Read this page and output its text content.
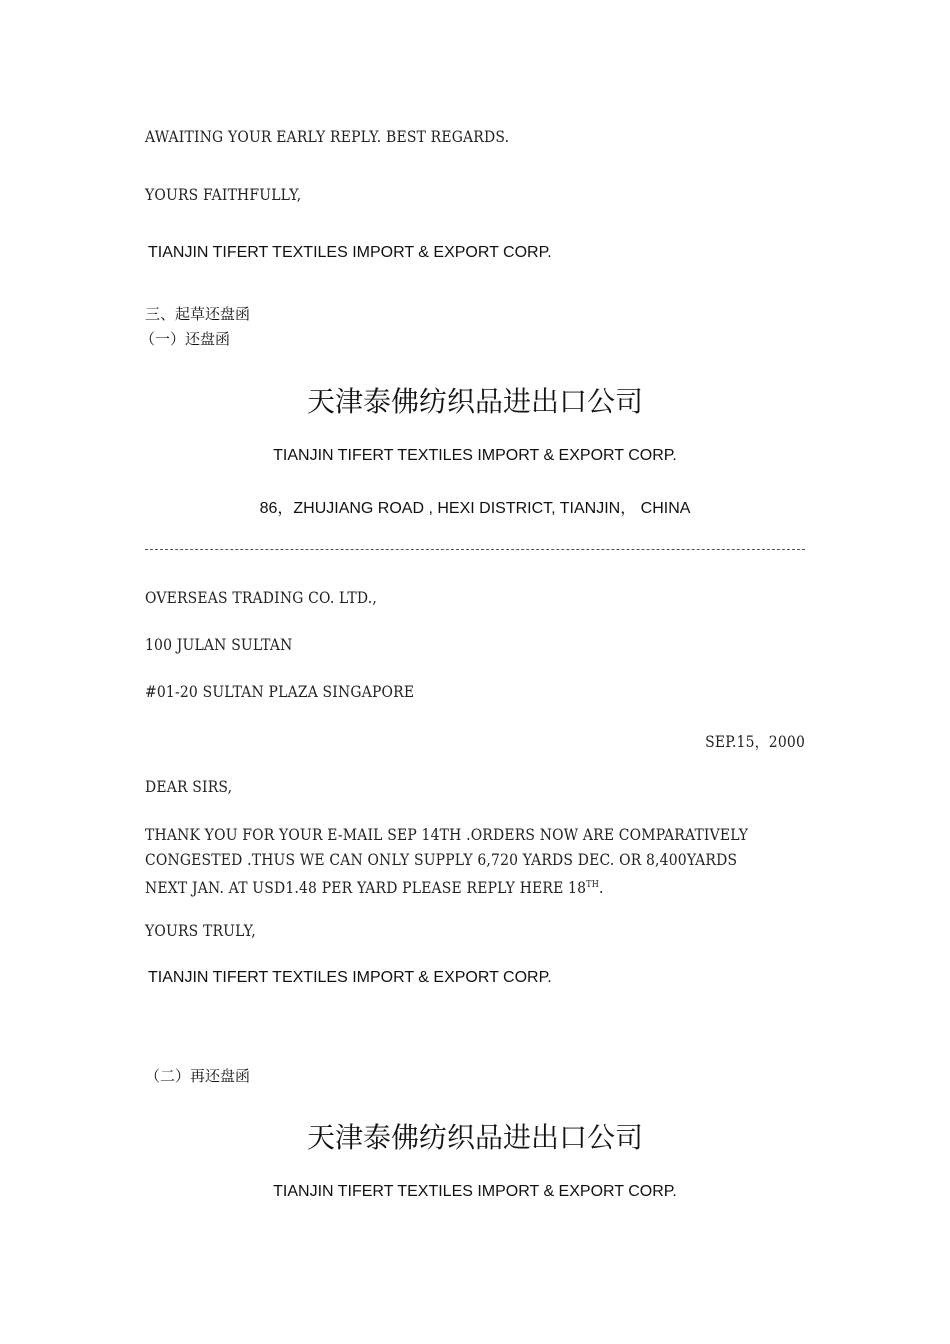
AWAITING YOUR EARLY REPLY. BEST REGARDS.
YOURS FAITHFULLY,
TIANJIN TIFERT TEXTILES IMPORT & EXPORT CORP.
三、起草还盘函
（一）还盘函
天津泰佛纺织品进出口公司
TIANJIN TIFERT TEXTILES IMPORT & EXPORT CORP.
86，ZHUJIANG ROAD , HEXI DISTRICT, TIANJIN， CHINA
OVERSEAS TRADING CO. LTD.,
100 JULAN SULTAN
#01-20 SULTAN PLAZA SINGAPORE
SEP.15，2000
DEAR SIRS,
THANK YOU FOR YOUR E-MAIL SEP 14TH .ORDERS NOW ARE COMPARATIVELY
CONGESTED .THUS WE CAN ONLY SUPPLY 6,720 YARDS DEC. OR 8,400YARDS
NEXT JAN. AT USD1.48 PER YARD PLEASE REPLY HERE 18TH.
YOURS TRULY,
TIANJIN TIFERT TEXTILES IMPORT & EXPORT CORP.
（二）再还盘函
天津泰佛纺织品进出口公司
TIANJIN TIFERT TEXTILES IMPORT & EXPORT CORP.
